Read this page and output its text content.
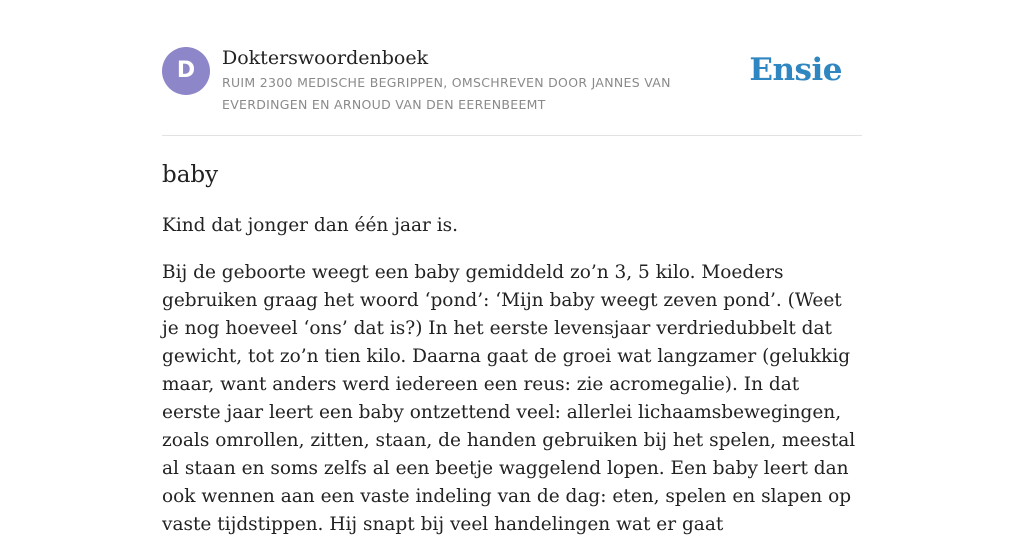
D	Dokterswoordenboek
RUIM 2300 MEDISCHE BEGRIPPEN, OMSCHREVEN DOOR JANNES VAN EVERDINGEN EN ARNOUD VAN DEN EERENBEEMT
Ensie
baby

Kind dat jonger dan één jaar is.

Bij de geboorte weegt een baby gemiddeld zo’n 3, 5 kilo. Moeders gebruiken graag het woord ‘pond’: ‘Mijn baby weegt zeven pond’. (Weet je nog hoeveel ‘ons’ dat is?) In het eerste levensjaar verdriedubbelt dat gewicht, tot zo’n tien kilo. Daarna gaat de groei wat langzamer (gelukkig maar, want anders werd iedereen een reus: zie acromegalie). In dat eerste jaar leert een baby ontzettend veel: allerlei lichaamsbewegingen, zoals omrollen, zitten, staan, de handen gebruiken bij het spelen, meestal al staan en soms zelfs al een beetje waggelend lopen. Een baby leert dan ook wennen aan een vaste indeling van de dag: eten, spelen en slapen op vaste tijdstippen. Hij snapt bij veel handelingen wat er gaat
